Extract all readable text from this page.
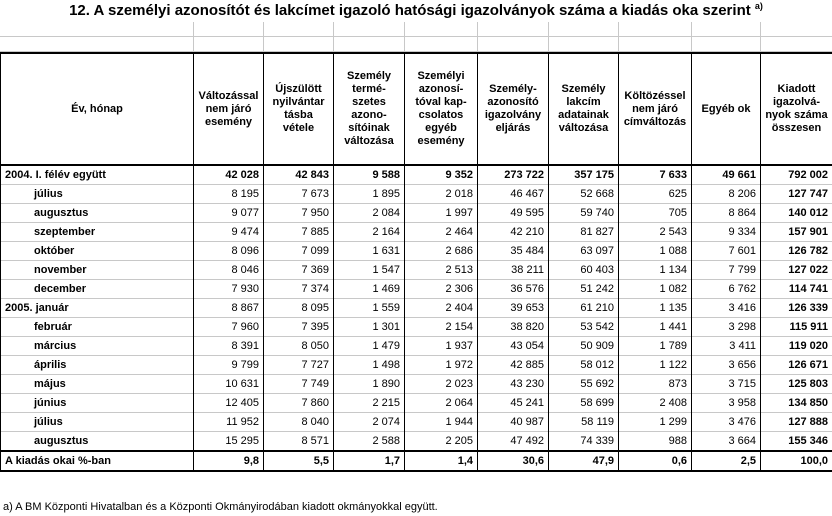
12. A személyi azonosítót és lakcímet igazoló hatósági igazolványok száma a kiadás oka szerint $^{a)}$
Év, hónap	Változással nem járó esemény	Újszülött nyilvántar tásba vétele	Személy természetes azonosítóinak változása	Személyi azonosítóval kapcsolatos egyéb esemény	Személyazonosító igazolvány eljárás	Személy lakcím adatainak változása	Költözéssel nem járó címváltozás	Egyéb ok	Kiadott igazolványok száma összesen
2004. I. félév együtt	42 028	42 843	9 588	9 352	273 722	357 175	7 633	49 661	792 002
július	8 195	7 673	1 895	2 018	46 467	52 668	625	8 206	127 747
augusztus	9 077	7 950	2 084	1 997	49 595	59 740	705	8 864	140 012
szeptember	9 474	7 885	2 164	2 464	42 210	81 827	2 543	9 334	157 901
október	8 096	7 099	1 631	2 686	35 484	63 097	1 088	7 601	126 782
november	8 046	7 369	1 547	2 513	38 211	60 403	1 134	7 799	127 022
december	7 930	7 374	1 469	2 306	36 576	51 242	1 082	6 762	114 741
2005. január	8 867	8 095	1 559	2 404	39 653	61 210	1 135	3 416	126 339
február	7 960	7 395	1 301	2 154	38 820	53 542	1 441	3 298	115 911
március	8 391	8 050	1 479	1 937	43 054	50 909	1 789	3 411	119 020
április	9 799	7 727	1 498	1 972	42 885	58 012	1 122	3 656	126 671
május	10 631	7 749	1 890	2 023	43 230	55 692	873	3 715	125 803
június	12 405	7 860	2 215	2 064	45 241	58 699	2 408	3 958	134 850
július	11 952	8 040	2 074	1 944	40 987	58 119	1 299	3 476	127 888
augusztus	15 295	8 571	2 588	2 205	47 492	74 339	988	3 664	155 346
A kiadás okai %-ban	9,8	5,5	1,7	1,4	30,6	47,9	0,6	2,5	100,0
a) A BM Központi Hivatalban és a Központi Okmányirodában kiadott okmányokkal együtt.
